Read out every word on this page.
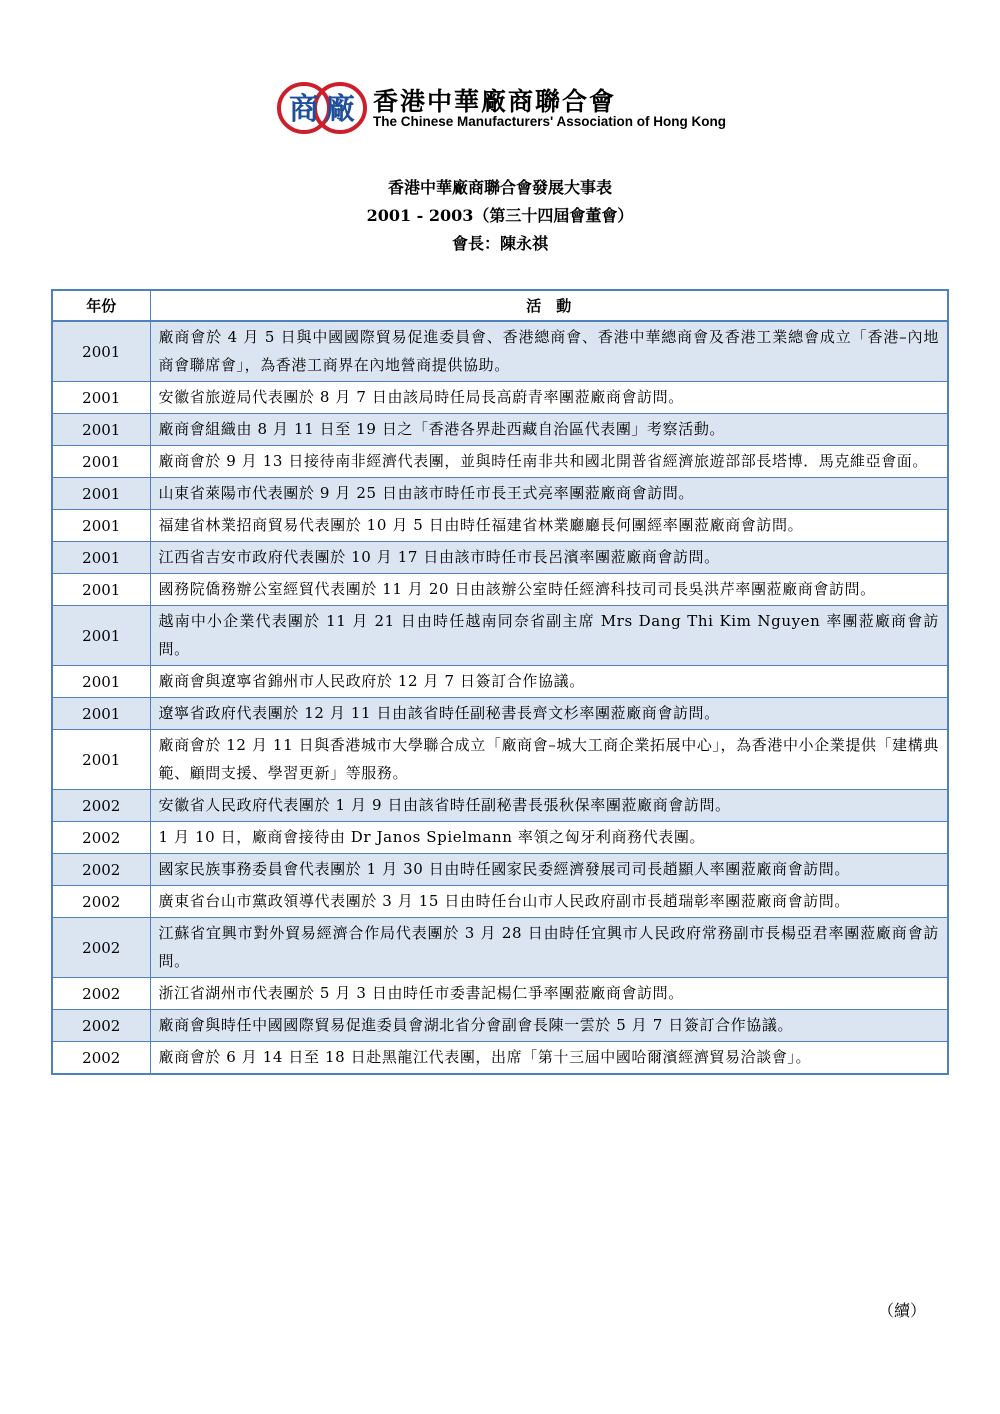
商 廠 香港中華廠商聯合會
The Chinese Manufacturers' Association of Hong Kong
香港中華廠商聯合會發展大事表
2001 - 2003（第三十四屆會董會）
會長：陳永祺
年份	活　動
2001	廠商會於 4 月 5 日與中國國際貿易促進委員會、香港總商會、香港中華總商會及香港工業總會成立「香港–內地商會聯席會」，為香港工商界在內地營商提供協助。
2001	安徽省旅遊局代表團於 8 月 7 日由該局時任局長高蔚青率團蒞廠商會訪問。
2001	廠商會組織由 8 月 11 日至 19 日之「香港各界赴西藏自治區代表團」考察活動。
2001	廠商會於 9 月 13 日接待南非經濟代表團，並與時任南非共和國北開普省經濟旅遊部部長塔博．馬克維亞會面。
2001	山東省萊陽市代表團於 9 月 25 日由該市時任市長王式亮率團蒞廠商會訪問。
2001	福建省林業招商貿易代表團於 10 月 5 日由時任福建省林業廳廳長何團經率團蒞廠商會訪問。
2001	江西省吉安市政府代表團於 10 月 17 日由該市時任市長呂濱率團蒞廠商會訪問。
2001	國務院僑務辦公室經貿代表團於 11 月 20 日由該辦公室時任經濟科技司司長吳洪芹率團蒞廠商會訪問。
2001	越南中小企業代表團於 11 月 21 日由時任越南同奈省副主席 Mrs Dang Thi Kim Nguyen 率團蒞廠商會訪問。
2001	廠商會與遼寧省錦州市人民政府於 12 月 7 日簽訂合作協議。
2001	遼寧省政府代表團於 12 月 11 日由該省時任副秘書長齊文杉率團蒞廠商會訪問。
2001	廠商會於 12 月 11 日與香港城市大學聯合成立「廠商會–城大工商企業拓展中心」，為香港中小企業提供「建構典範、顧問支援、學習更新」等服務。
2002	安徽省人民政府代表團於 1 月 9 日由該省時任副秘書長張秋保率團蒞廠商會訪問。
2002	1 月 10 日，廠商會接待由 Dr Janos Spielmann 率領之匈牙利商務代表團。
2002	國家民族事務委員會代表團於 1 月 30 日由時任國家民委經濟發展司司長趙顯人率團蒞廠商會訪問。
2002	廣東省台山市黨政領導代表團於 3 月 15 日由時任台山市人民政府副市長趙瑞彰率團蒞廠商會訪問。
2002	江蘇省宜興市對外貿易經濟合作局代表團於 3 月 28 日由時任宜興市人民政府常務副市長楊亞君率團蒞廠商會訪問。
2002	浙江省湖州市代表團於 5 月 3 日由時任市委書記楊仁爭率團蒞廠商會訪問。
2002	廠商會與時任中國國際貿易促進委員會湖北省分會副會長陳一雲於 5 月 7 日簽訂合作協議。
2002	廠商會於 6 月 14 日至 18 日赴黑龍江代表團，出席「第十三屆中國哈爾濱經濟貿易洽談會」。
（續）
